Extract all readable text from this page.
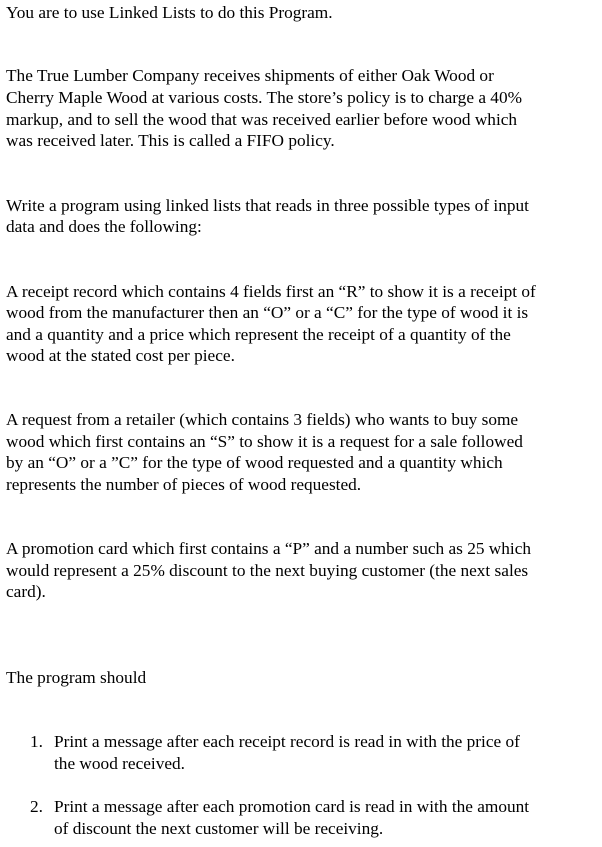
You are to use Linked Lists to do this Program.
The True Lumber Company receives shipments of either Oak Wood or
Cherry Maple Wood at various costs. The store’s policy is to charge a 40%
markup, and to sell the wood that was received earlier before wood which
was received later. This is called a FIFO policy.
Write a program using linked lists that reads in three possible types of input
data and does the following:
A receipt record which contains 4 fields first an “R” to show it is a receipt of
wood from the manufacturer then an “O” or a “C” for the type of wood it is
and a quantity and a price which represent the receipt of a quantity of the
wood at the stated cost per piece.
A request from a retailer (which contains 3 fields) who wants to buy some
wood which first contains an “S” to show it is a request for a sale followed
by an “O” or a ”C” for the type of wood requested and a quantity which
represents the number of pieces of wood requested.
A promotion card which first contains a “P” and a number such as 25 which
would represent a 25% discount to the next buying customer (the next sales
card).
The program should
1. Print a message after each receipt record is read in with the price of
the wood received.
2. Print a message after each promotion card is read in with the amount
of discount the next customer will be receiving.
